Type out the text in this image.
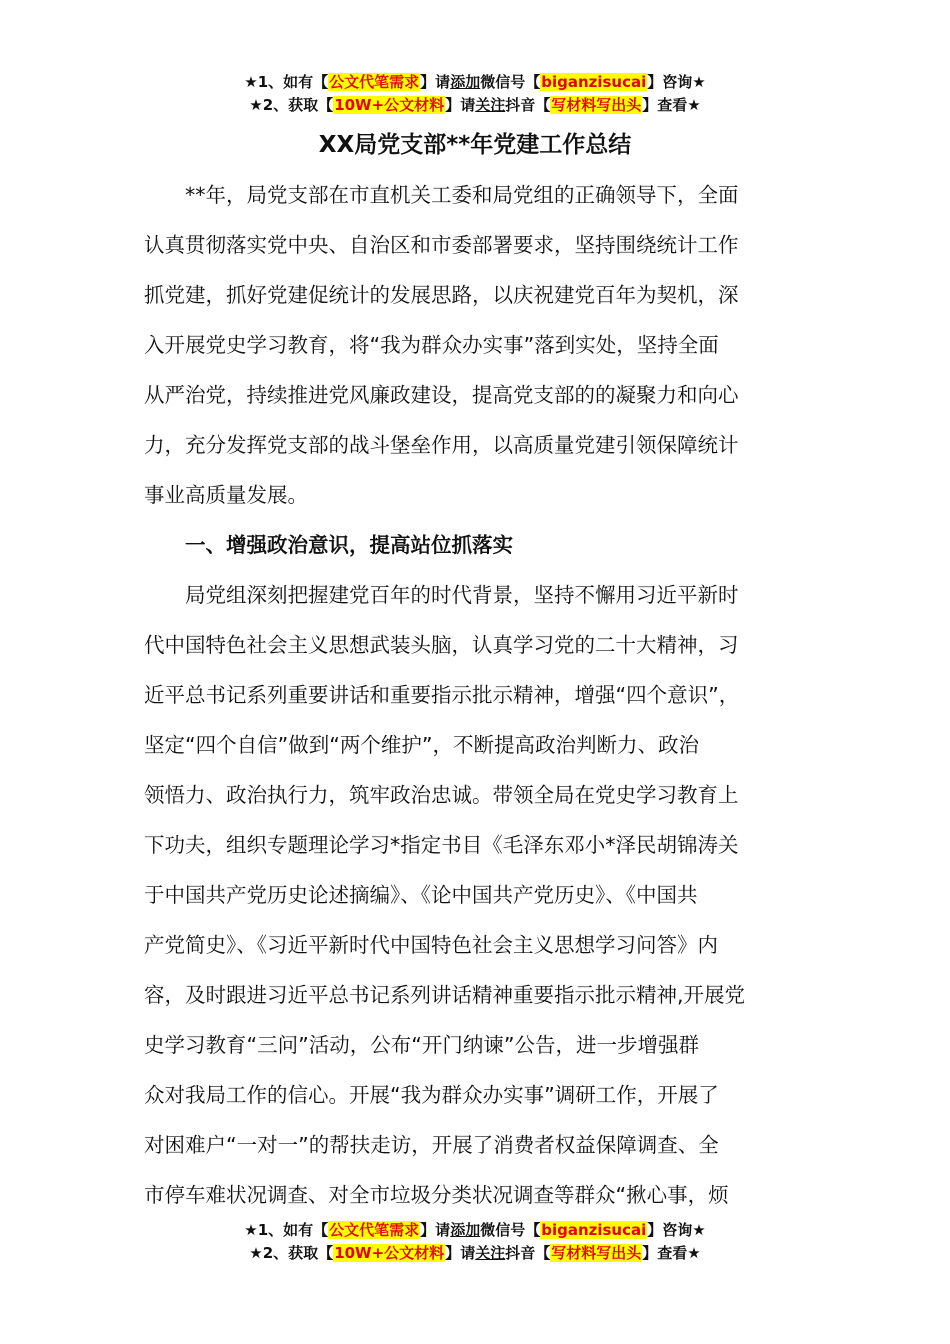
★1、如有【公文代笔需求】请添加微信号【biganzisucai】咨询★
★2、获取【10W+公文材料】请关注抖音【写材料写出头】查看★
XX局党支部**年党建工作总结
　　**年，局党支部在市直机关工委和局党组的正确领导下，全面
认真贯彻落实党中央、自治区和市委部署要求，坚持围绕统计工作
抓党建，抓好党建促统计的发展思路，以庆祝建党百年为契机，深
入开展党史学习教育，将“我为群众办实事”落到实处，坚持全面
从严治党，持续推进党风廉政建设，提高党支部的的凝聚力和向心
力，充分发挥党支部的战斗堡垒作用，以高质量党建引领保障统计
事业高质量发展。
　　一、增强政治意识，提高站位抓落实
　　局党组深刻把握建党百年的时代背景，坚持不懈用习近平新时
代中国特色社会主义思想武装头脑，认真学习党的二十大精神，习
近平总书记系列重要讲话和重要指示批示精神，增强“四个意识”，
坚定“四个自信”做到“两个维护”，不断提高政治判断力、政治
领悟力、政治执行力，筑牢政治忠诚。带领全局在党史学习教育上
下功夫，组织专题理论学习*指定书目《毛泽东邓小*泽民胡锦涛关
于中国共产党历史论述摘编》、《论中国共产党历史》、《中国共
产党简史》、《习近平新时代中国特色社会主义思想学习问答》内
容，及时跟进习近平总书记系列讲话精神重要指示批示精神,开展党
史学习教育“三问”活动，公布“开门纳谏”公告，进一步增强群
众对我局工作的信心。开展“我为群众办实事”调研工作，开展了
对困难户“一对一”的帮扶走访，开展了消费者权益保障调查、全
市停车难状况调查、对全市垃圾分类状况调查等群众“揪心事，烦
★1、如有【公文代笔需求】请添加微信号【biganzisucai】咨询★
★2、获取【10W+公文材料】请关注抖音【写材料写出头】查看★
